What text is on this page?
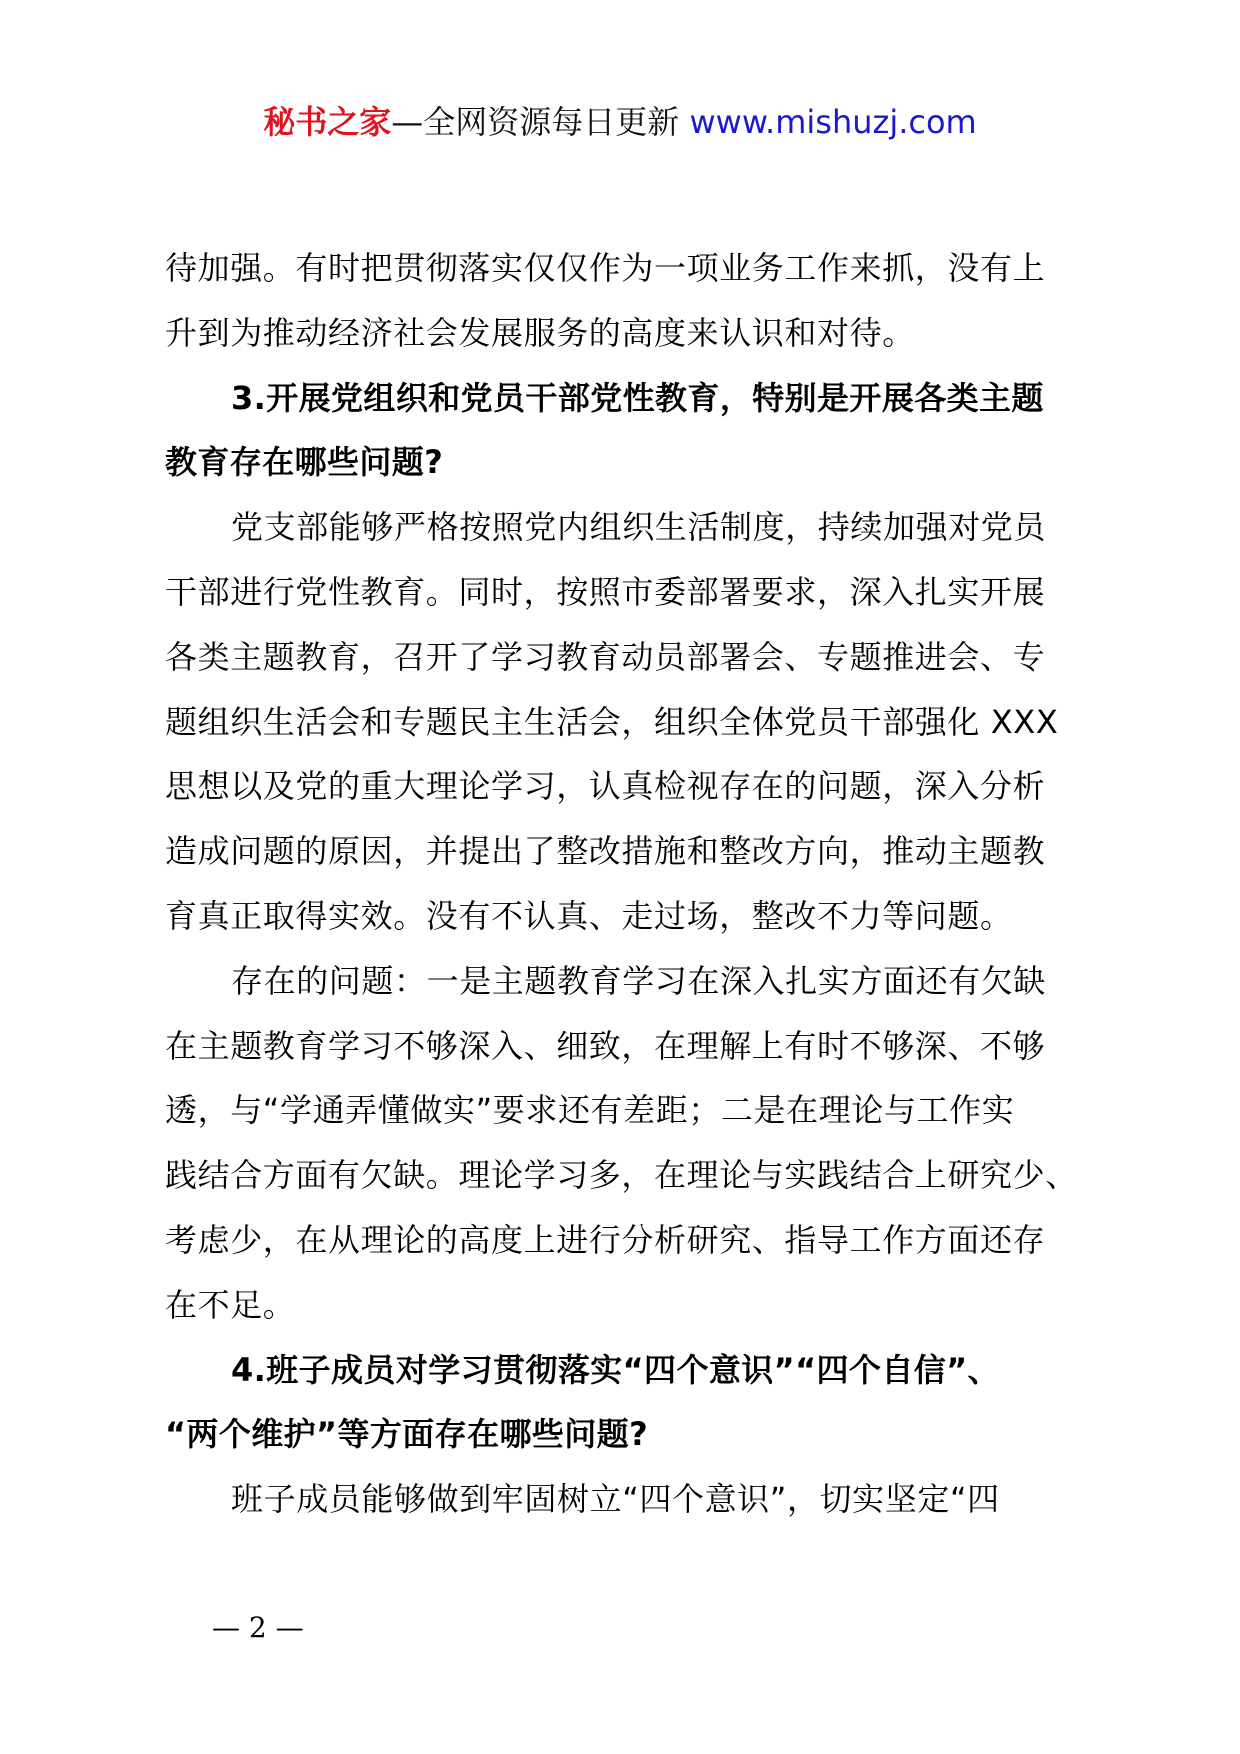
秘书之家—全网资源每日更新 www.mishuzj.com
待加强。有时把贯彻落实仅仅作为一项业务工作来抓，没有上
升到为推动经济社会发展服务的高度来认识和对待。
3.开展党组织和党员干部党性教育，特别是开展各类主题
教育存在哪些问题?
党支部能够严格按照党内组织生活制度，持续加强对党员
干部进行党性教育。同时，按照市委部署要求，深入扎实开展
各类主题教育，召开了学习教育动员部署会、专题推进会、专
题组织生活会和专题民主生活会，组织全体党员干部强化 XXX
思想以及党的重大理论学习，认真检视存在的问题，深入分析
造成问题的原因，并提出了整改措施和整改方向，推动主题教
育真正取得实效。没有不认真、走过场，整改不力等问题。
存在的问题：一是主题教育学习在深入扎实方面还有欠缺
在主题教育学习不够深入、细致，在理解上有时不够深、不够
透，与“学通弄懂做实”要求还有差距；二是在理论与工作实
践结合方面有欠缺。理论学习多，在理论与实践结合上研究少、
考虑少，在从理论的高度上进行分析研究、指导工作方面还存
在不足。
4.班子成员对学习贯彻落实“四个意识”“四个自信”、
“两个维护”等方面存在哪些问题?
班子成员能够做到牢固树立“四个意识”，切实坚定“四
— 2 —
